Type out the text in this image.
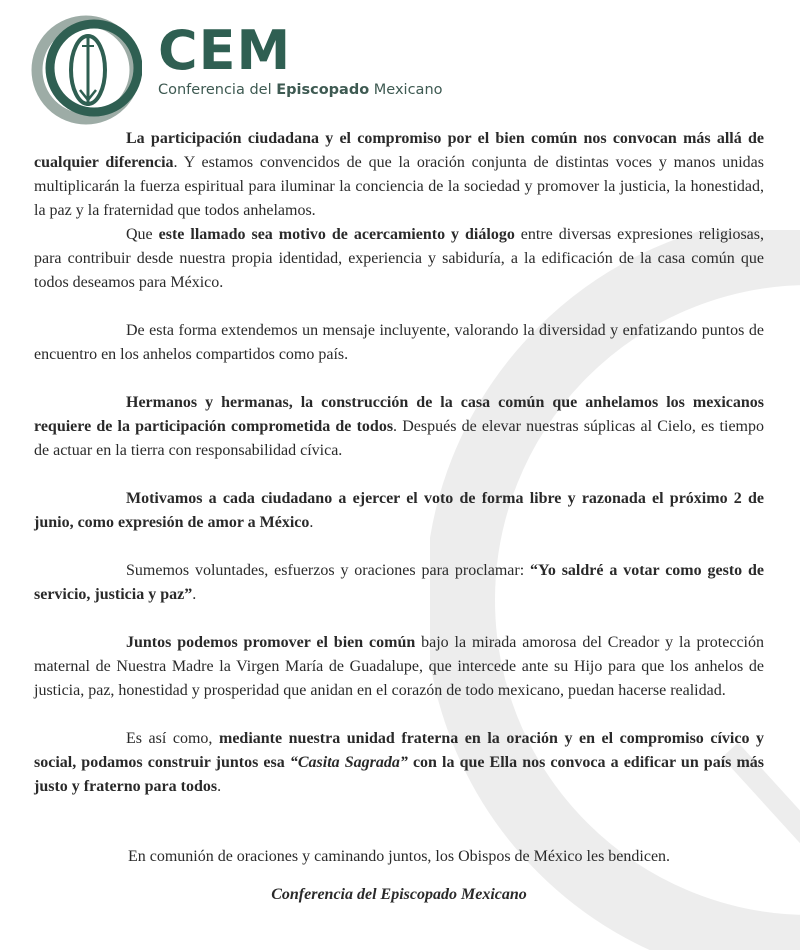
CEM
Conferencia del Episcopado Mexicano

La participación ciudadana y el compromiso por el bien común nos convocan más allá de cualquier diferencia. Y estamos convencidos de que la oración conjunta de distintas voces y manos unidas multiplicarán la fuerza espiritual para iluminar la conciencia de la sociedad y promover la justicia, la honestidad, la paz y la fraternidad que todos anhelamos.

Que este llamado sea motivo de acercamiento y diálogo entre diversas expresiones religiosas, para contribuir desde nuestra propia identidad, experiencia y sabiduría, a la edificación de la casa común que todos deseamos para México.

De esta forma extendemos un mensaje incluyente, valorando la diversidad y enfatizando puntos de encuentro en los anhelos compartidos como país.

Hermanos y hermanas, la construcción de la casa común que anhelamos los mexicanos requiere de la participación comprometida de todos. Después de elevar nuestras súplicas al Cielo, es tiempo de actuar en la tierra con responsabilidad cívica.

Motivamos a cada ciudadano a ejercer el voto de forma libre y razonada el próximo 2 de junio, como expresión de amor a México.

Sumemos voluntades, esfuerzos y oraciones para proclamar: “Yo saldré a votar como gesto de servicio, justicia y paz”.

Juntos podemos promover el bien común bajo la mirada amorosa del Creador y la protección maternal de Nuestra Madre la Virgen María de Guadalupe, que intercede ante su Hijo para que los anhelos de justicia, paz, honestidad y prosperidad que anidan en el corazón de todo mexicano, puedan hacerse realidad.

Es así como, mediante nuestra unidad fraterna en la oración y en el compromiso cívico y social, podamos construir juntos esa “Casita Sagrada” con la que Ella nos convoca a edificar un país más justo y fraterno para todos.

En comunión de oraciones y caminando juntos, los Obispos de México les bendicen.

Conferencia del Episcopado Mexicano
